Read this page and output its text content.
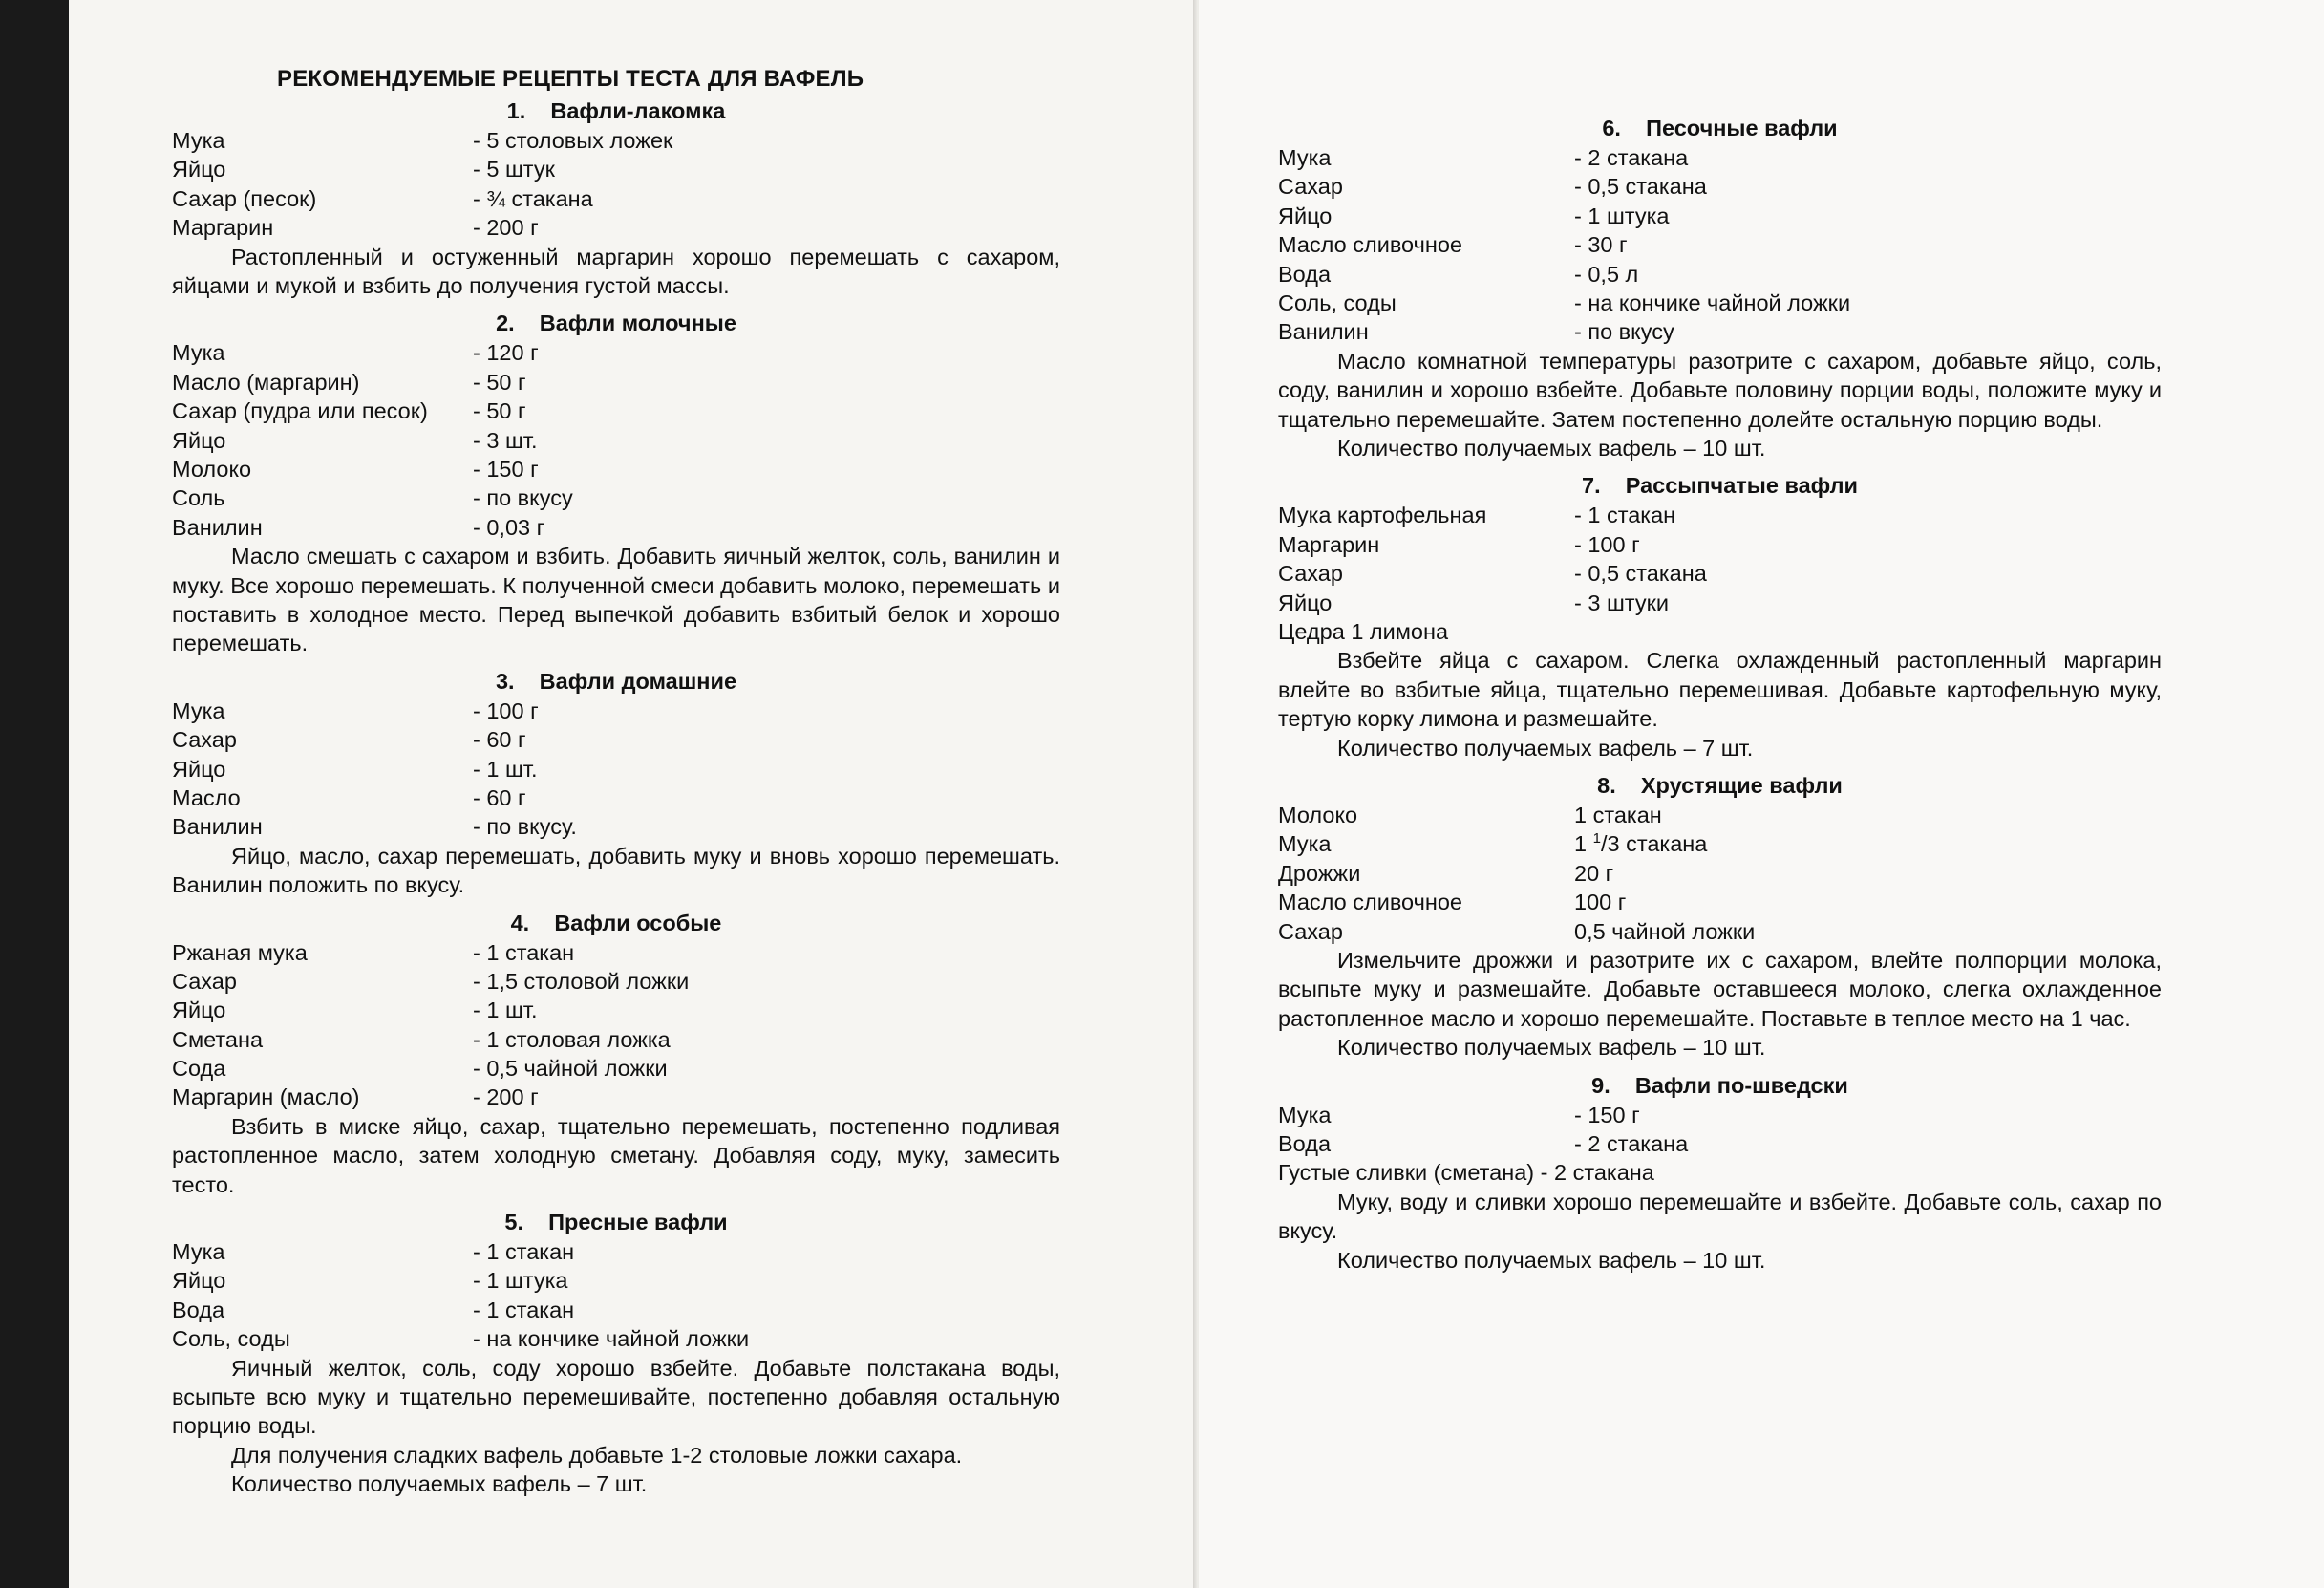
РЕКОМЕНДУЕМЫЕ РЕЦЕПТЫ ТЕСТА ДЛЯ ВАФЕЛЬ
1.    Вафли-лакомка
Мука	- 5 столовых ложек
Яйцо	- 5 штук
Сахар (песок)	- ¾ стакана
Маргарин	- 200 г
Растопленный и остуженный маргарин хорошо перемешать с сахаром, яйцами и мукой и взбить до получения густой массы.
2.    Вафли молочные
Мука	- 120 г
Масло (маргарин)	- 50 г
Сахар (пудра или песок)	- 50 г
Яйцо	- 3 шт.
Молоко	- 150 г
Соль	- по вкусу
Ванилин	- 0,03 г
Масло смешать с сахаром и взбить. Добавить яичный желток, соль, ванилин и муку. Все хорошо перемешать. К полученной смеси добавить молоко, перемешать и поставить в холодное место. Перед выпечкой добавить взбитый белок и хорошо перемешать.
3.    Вафли домашние
Мука	- 100 г
Сахар	- 60 г
Яйцо	- 1 шт.
Масло	- 60 г
Ванилин	- по вкусу.
Яйцо, масло, сахар перемешать, добавить муку и вновь хорошо перемешать. Ванилин положить по вкусу.
4.    Вафли особые
Ржаная мука	- 1 стакан
Сахар	- 1,5 столовой ложки
Яйцо	- 1 шт.
Сметана	- 1 столовая ложка
Сода	- 0,5 чайной ложки
Маргарин (масло)	- 200 г
Взбить в миске яйцо, сахар, тщательно перемешать, постепенно подливая растопленное масло, затем холодную сметану. Добавляя соду, муку, замесить тесто.
5.    Пресные вафли
Мука	- 1 стакан
Яйцо	- 1 штука
Вода	- 1 стакан
Соль, соды	- на кончике чайной ложки
Яичный желток, соль, соду хорошо взбейте. Добавьте полстакана воды, всыпьте всю муку и тщательно перемешивайте, постепенно добавляя остальную порцию воды.
Для получения сладких вафель добавьте 1-2 столовые ложки сахара.
Количество получаемых вафель – 7 шт.
6.    Песочные вафли
Мука	- 2 стакана
Сахар	- 0,5 стакана
Яйцо	- 1 штука
Масло сливочное	- 30 г
Вода	- 0,5 л
Соль, соды	- на кончике чайной ложки
Ванилин	- по вкусу
Масло комнатной температуры разотрите с сахаром, добавьте яйцо, соль, соду, ванилин и хорошо взбейте. Добавьте половину порции воды, положите муку и тщательно перемешайте. Затем постепенно долейте остальную порцию воды.
Количество получаемых вафель – 10 шт.
7.    Рассыпчатые вафли
Мука картофельная	- 1 стакан
Маргарин	- 100 г
Сахар	- 0,5 стакана
Яйцо	- 3 штуки
Цедра 1 лимона
Взбейте яйца с сахаром. Слегка охлажденный растопленный маргарин влейте во взбитые яйца, тщательно перемешивая. Добавьте картофельную муку, тертую корку лимона и размешайте.
Количество получаемых вафель – 7 шт.
8.    Хрустящие вафли
Молоко	1 стакан
Мука	1 $^1$/3 стакана
Дрожжи	20 г
Масло сливочное	100 г
Сахар	0,5 чайной ложки
Измельчите дрожжи и разотрите их с сахаром, влейте полпорции молока, всыпьте муку и размешайте. Добавьте оставшееся молоко, слегка охлажденное растопленное масло и хорошо перемешайте. Поставьте в теплое место на 1 час.
Количество получаемых вафель – 10 шт.
9.    Вафли по-шведски
Мука	- 150 г
Вода	- 2 стакана
Густые сливки (сметана) - 2 стакана
Муку, воду и сливки хорошо перемешайте и взбейте. Добавьте соль, сахар по вкусу.
Количество получаемых вафель – 10 шт.
